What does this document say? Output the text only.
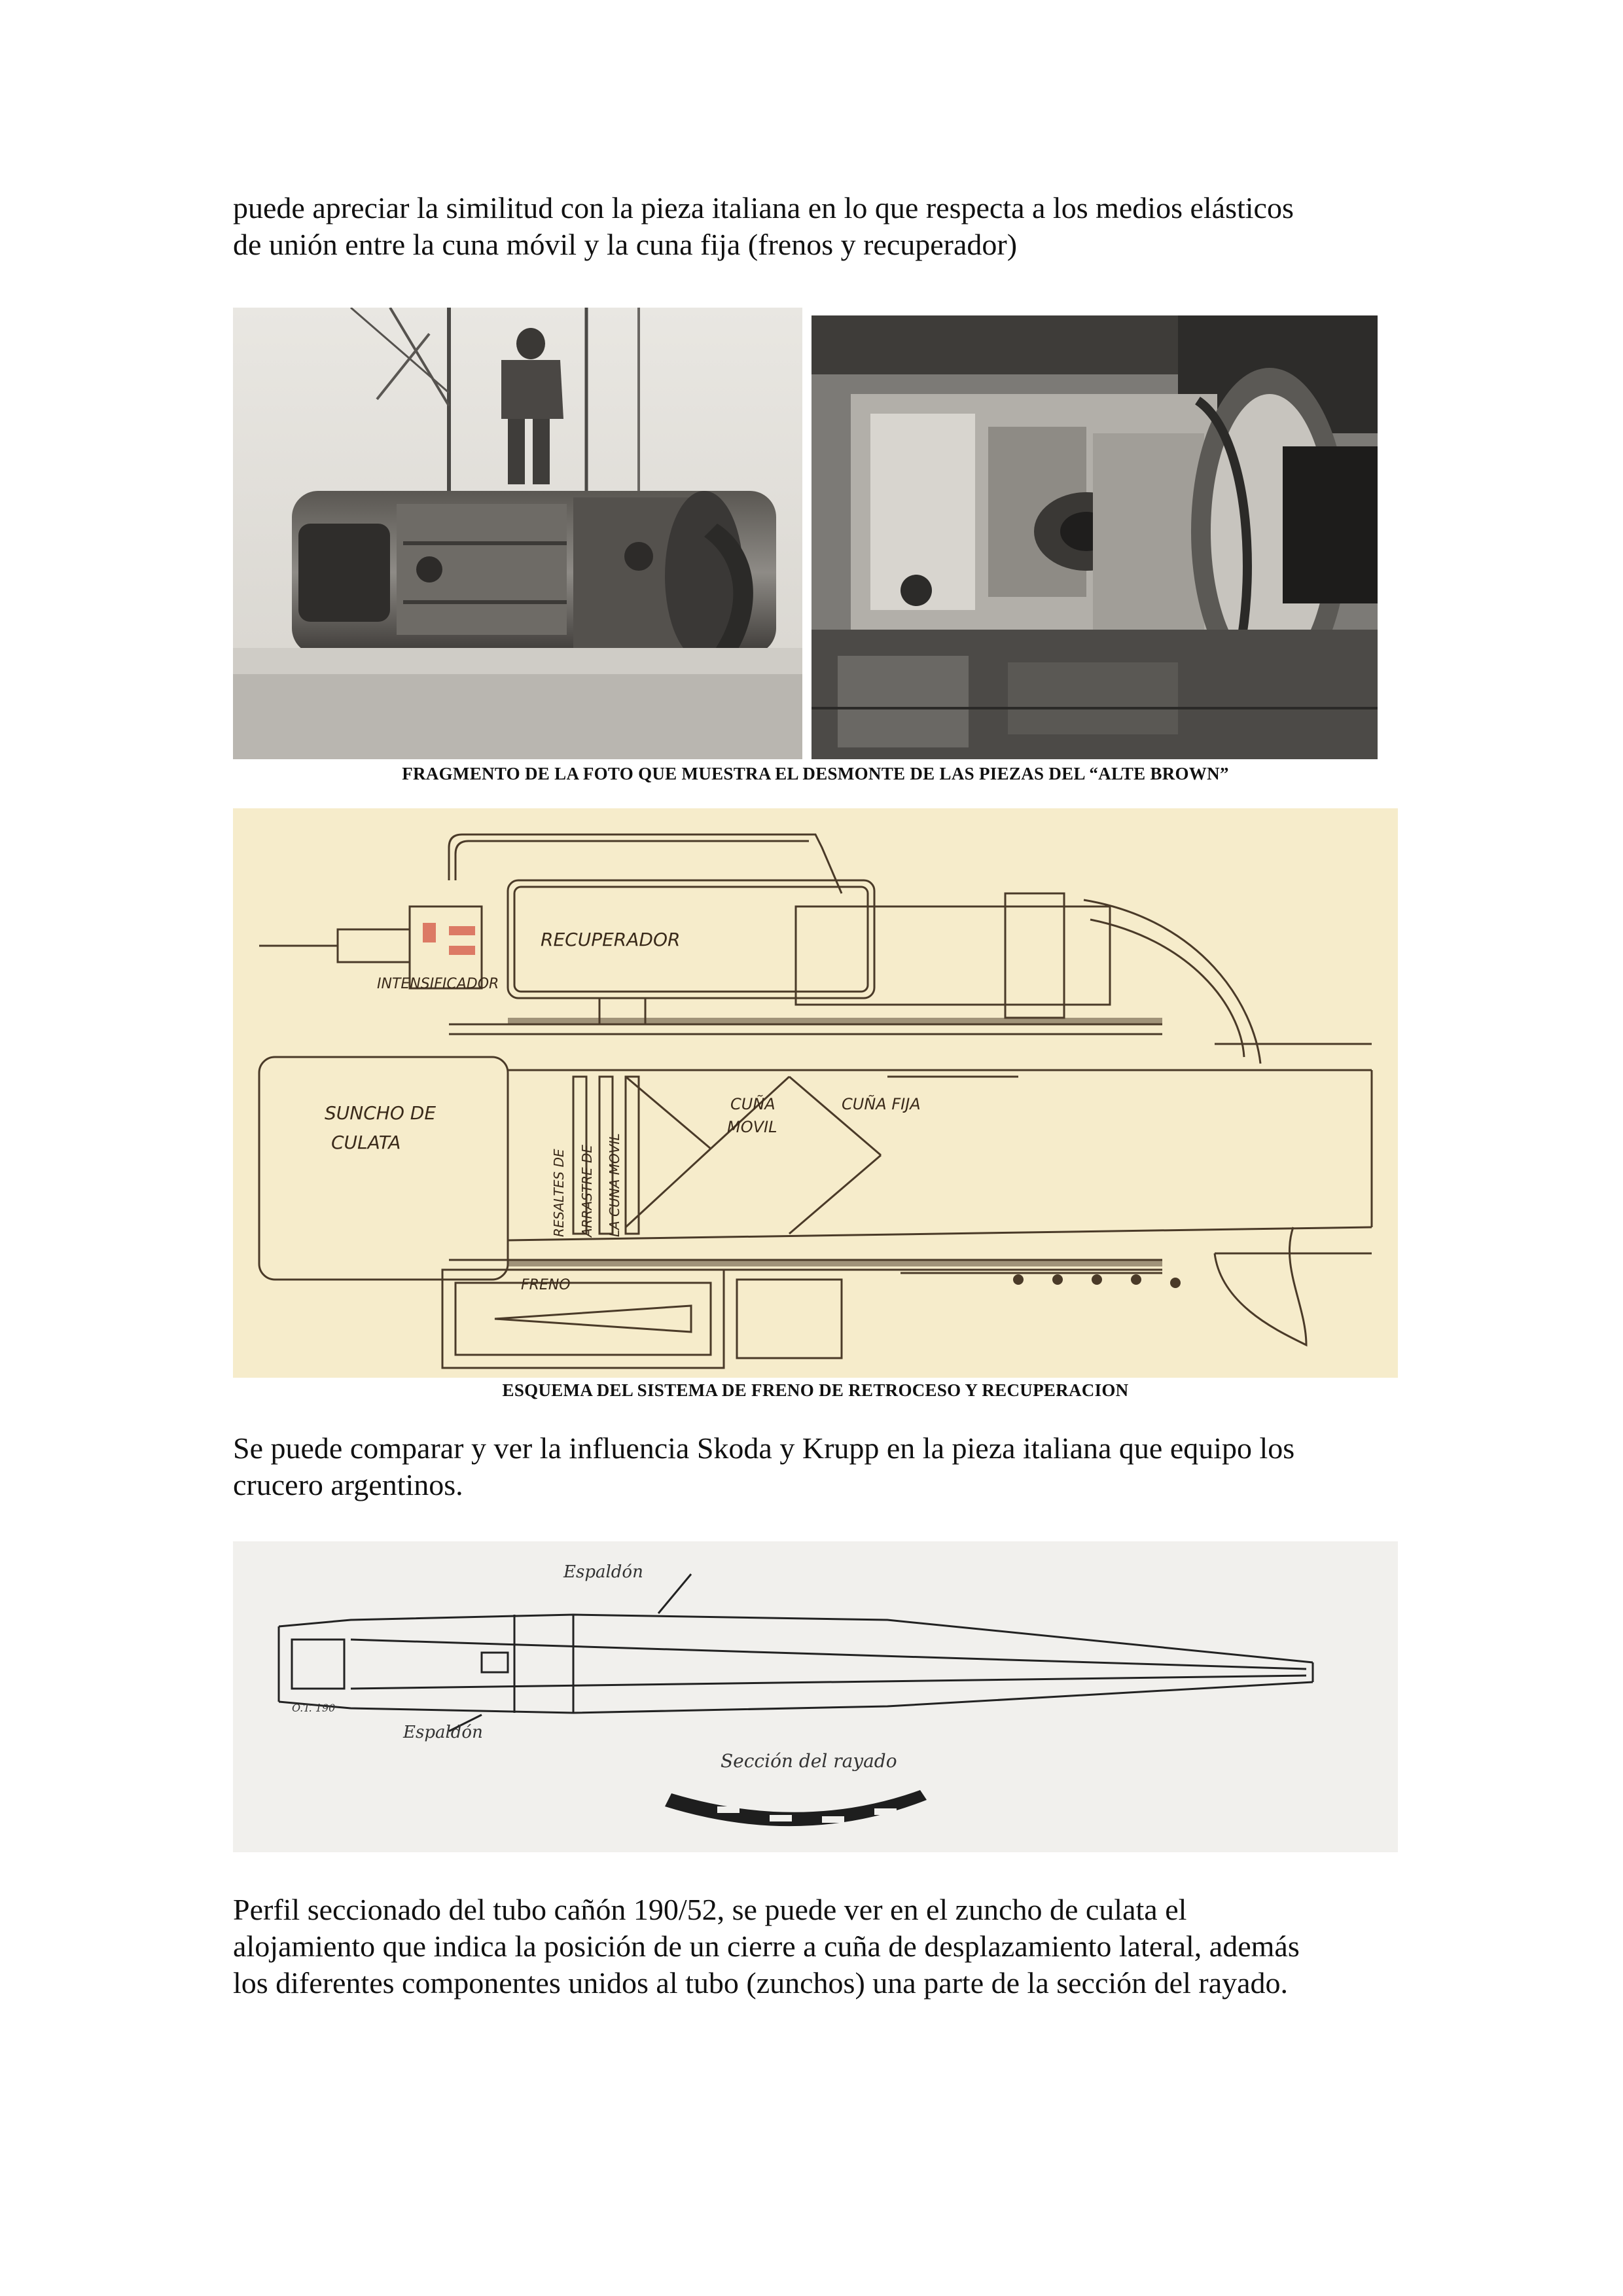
puede apreciar la similitud con la pieza italiana en lo que respecta a los medios elásticos
de unión entre la cuna móvil y la cuna fija (frenos y recuperador)

FRAGMENTO DE LA FOTO QUE MUESTRA EL DESMONTE DE LAS PIEZAS DEL “ALTE BROWN”

RECUPERADOR
INTENSIFICADOR
SUNCHO DE
CULATA
RESALTES DE ARRASTRE DE LA CUNA MOVIL
CUÑA
MOVIL
CUÑA FIJA
FRENO

ESQUEMA DEL SISTEMA DE FRENO DE RETROCESO Y RECUPERACION

Se puede comparar y ver la influencia Skoda y Krupp en la pieza italiana que equipo los
crucero argentinos.

Espaldón
Espaldón
O.T. 190
Sección del rayado

Perfil seccionado del tubo cañón 190/52, se puede ver en el zuncho de culata el
alojamiento que indica la posición de un cierre a cuña de desplazamiento lateral, además
los diferentes componentes unidos al tubo (zunchos) una parte de la sección del rayado.
